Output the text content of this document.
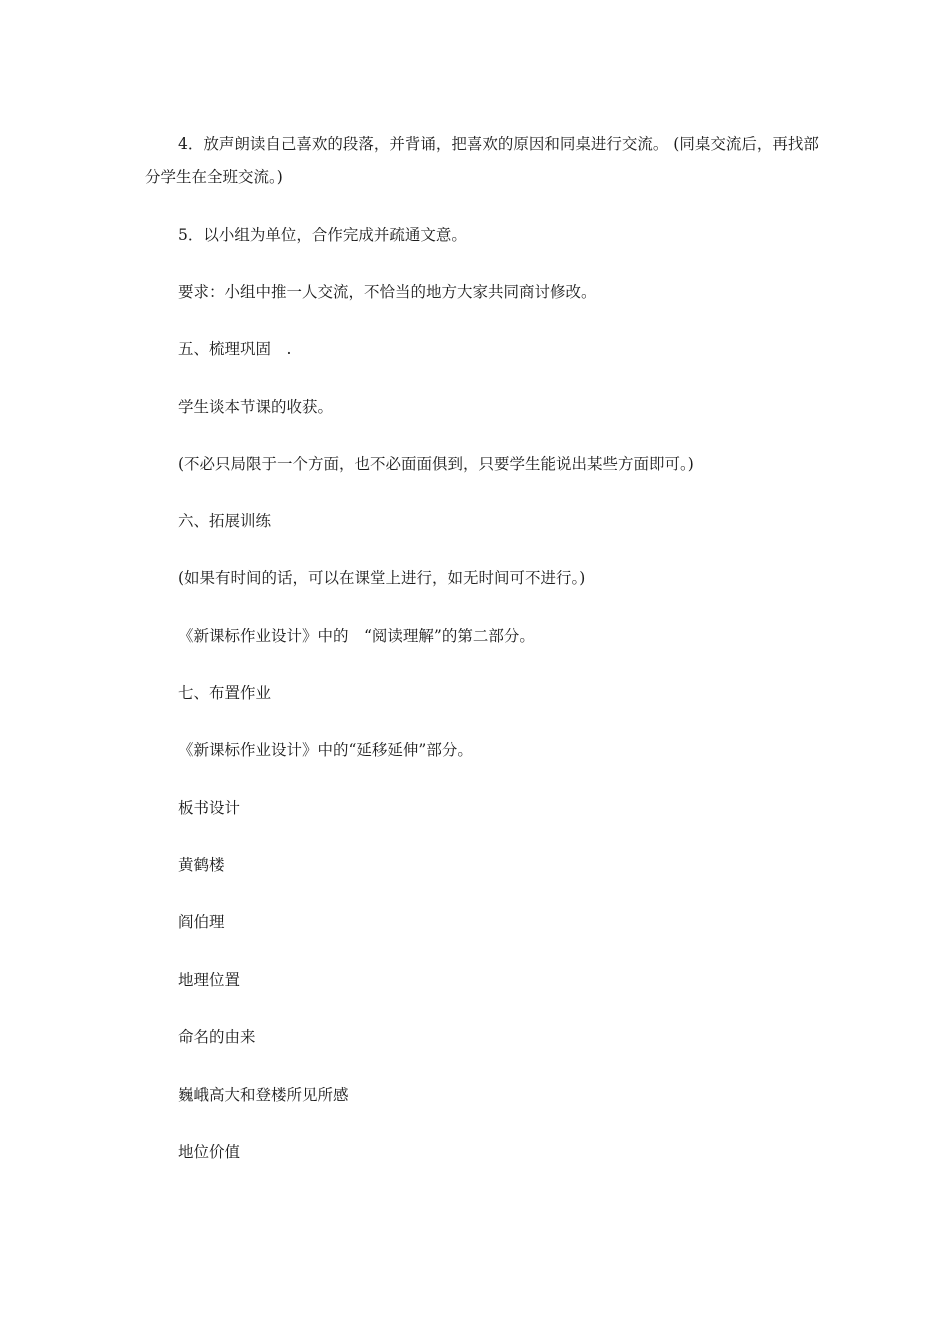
4．放声朗读自己喜欢的段落，并背诵，把喜欢的原因和同桌进行交流。 (同桌交流后，再找部分学生在全班交流。)

5．以小组为单位，合作完成并疏通文意。

要求：小组中推一人交流，不恰当的地方大家共同商讨修改。

五、梳理巩固　.

学生谈本节课的收获。

(不必只局限于一个方面，也不必面面俱到，只要学生能说出某些方面即可。)

六、拓展训练

(如果有时间的话，可以在课堂上进行，如无时间可不进行。)

《新课标作业设计》中的　“阅读理解”的第二部分。

七、布置作业

《新课标作业设计》中的“延移延伸”部分。

板书设计

黄鹤楼

阎伯理

地理位置

命名的由来

巍峨高大和登楼所见所感

地位价值
